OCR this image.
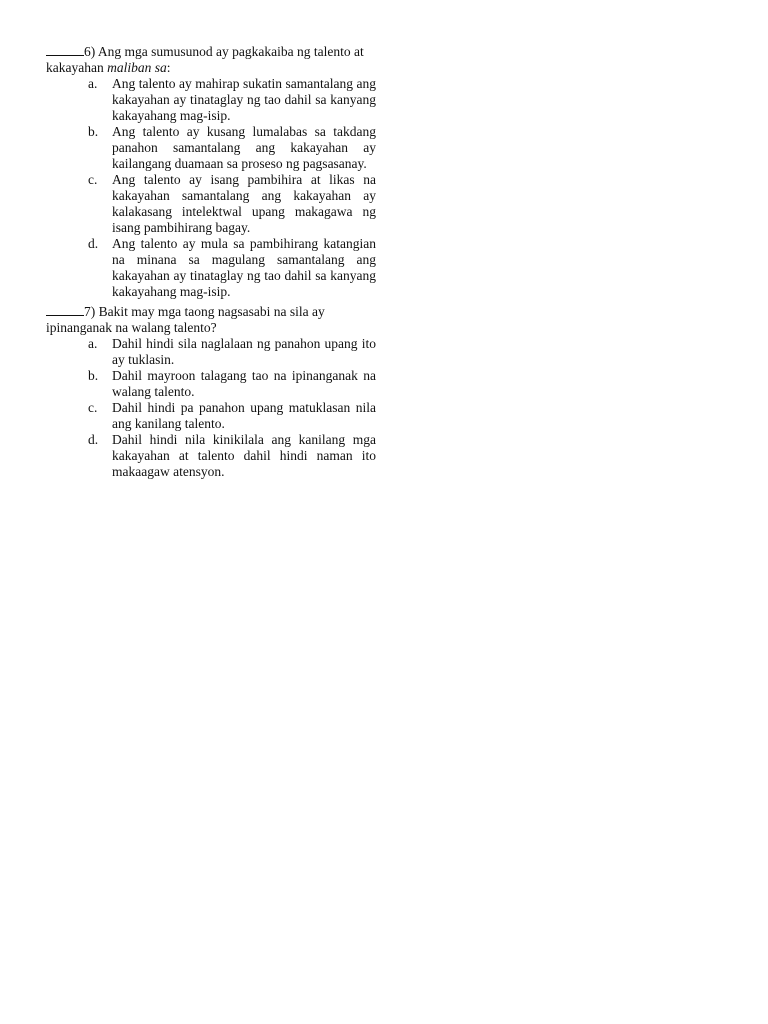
6) Ang mga sumusunod ay pagkakaiba ng talento at kakayahan maliban sa:
a.	Ang talento ay mahirap sukatin samantalang ang kakayahan ay tinataglay ng tao dahil sa kanyang kakayahang mag-isip.
b.	Ang talento ay kusang lumalabas sa takdang panahon samantalang ang kakayahan ay kailangang duamaan sa proseso ng pagsasanay.
c.	Ang talento ay isang pambihira at likas na kakayahan samantalang ang kakayahan ay kalakasang intelektwal upang makagawa ng isang pambihirang bagay.
d.	Ang talento ay mula sa pambihirang katangian na minana sa magulang samantalang ang kakayahan ay tinataglay ng tao dahil sa kanyang kakayahang mag-isip.
7) Bakit may mga taong nagsasabi na sila ay ipinanganak na walang talento?
a.	Dahil hindi sila naglalaan ng panahon upang ito ay tuklasin.
b.	Dahil mayroon talagang tao na ipinanganak na walang talento.
c.	Dahil hindi pa panahon upang matuklasan nila ang kanilang talento.
d.	Dahil hindi nila kinikilala ang kanilang mga kakayahan at talento dahil hindi naman ito makaagaw atensyon.
